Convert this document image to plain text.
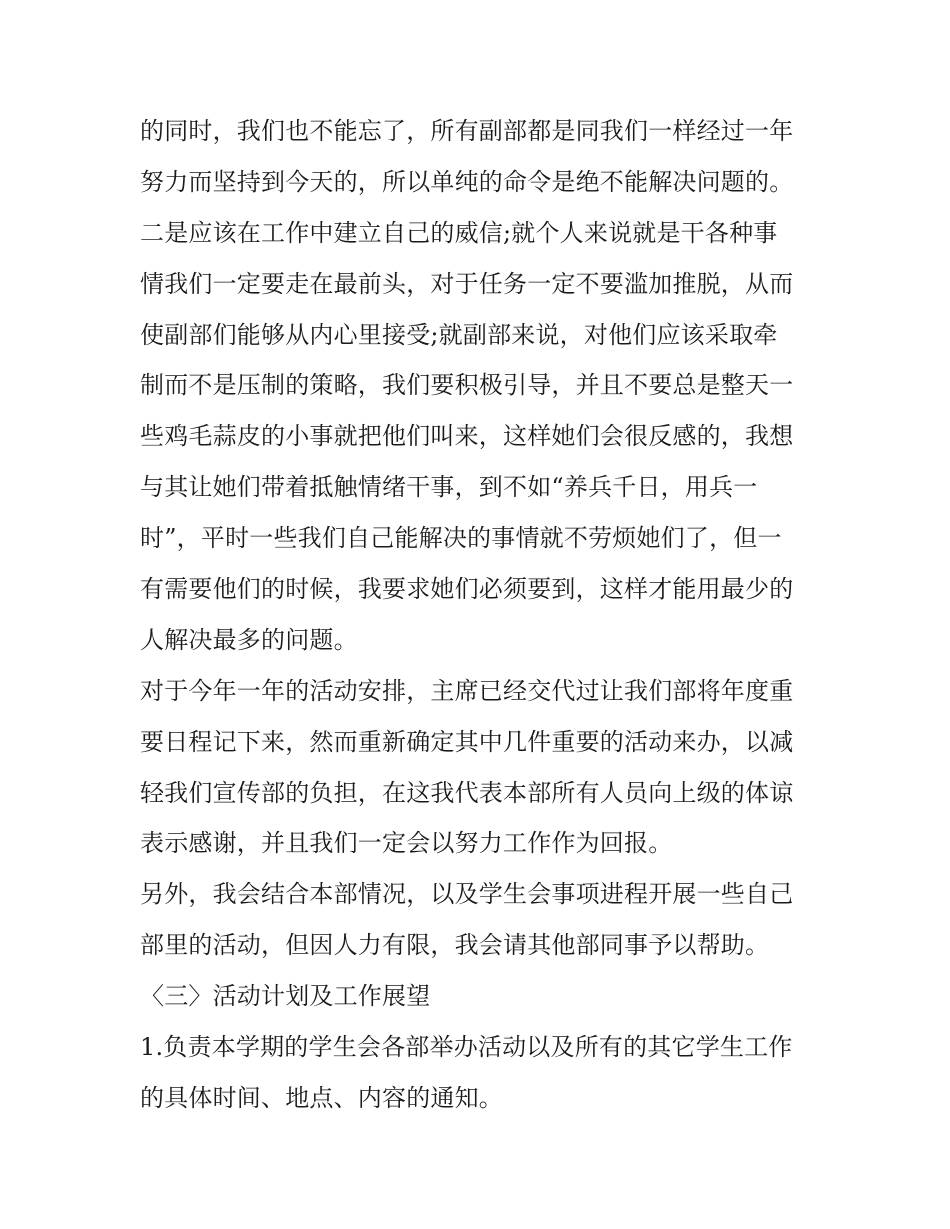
的同时，我们也不能忘了，所有副部都是同我们一样经过一年
努力而坚持到今天的，所以单纯的命令是绝不能解决问题的。
二是应该在工作中建立自己的威信;就个人来说就是干各种事
情我们一定要走在最前头，对于任务一定不要滥加推脱，从而
使副部们能够从内心里接受;就副部来说，对他们应该采取牵
制而不是压制的策略，我们要积极引导，并且不要总是整天一
些鸡毛蒜皮的小事就把他们叫来，这样她们会很反感的，我想
与其让她们带着抵触情绪干事，到不如“养兵千日，用兵一
时”，平时一些我们自己能解决的事情就不劳烦她们了，但一
有需要他们的时候，我要求她们必须要到，这样才能用最少的
人解决最多的问题。
对于今年一年的活动安排，主席已经交代过让我们部将年度重
要日程记下来，然而重新确定其中几件重要的活动来办，以减
轻我们宣传部的负担，在这我代表本部所有人员向上级的体谅
表示感谢，并且我们一定会以努力工作作为回报。
另外，我会结合本部情况，以及学生会事项进程开展一些自己
部里的活动，但因人力有限，我会请其他部同事予以帮助。
〈三〉活动计划及工作展望
1.负责本学期的学生会各部举办活动以及所有的其它学生工作
的具体时间、地点、内容的通知。
